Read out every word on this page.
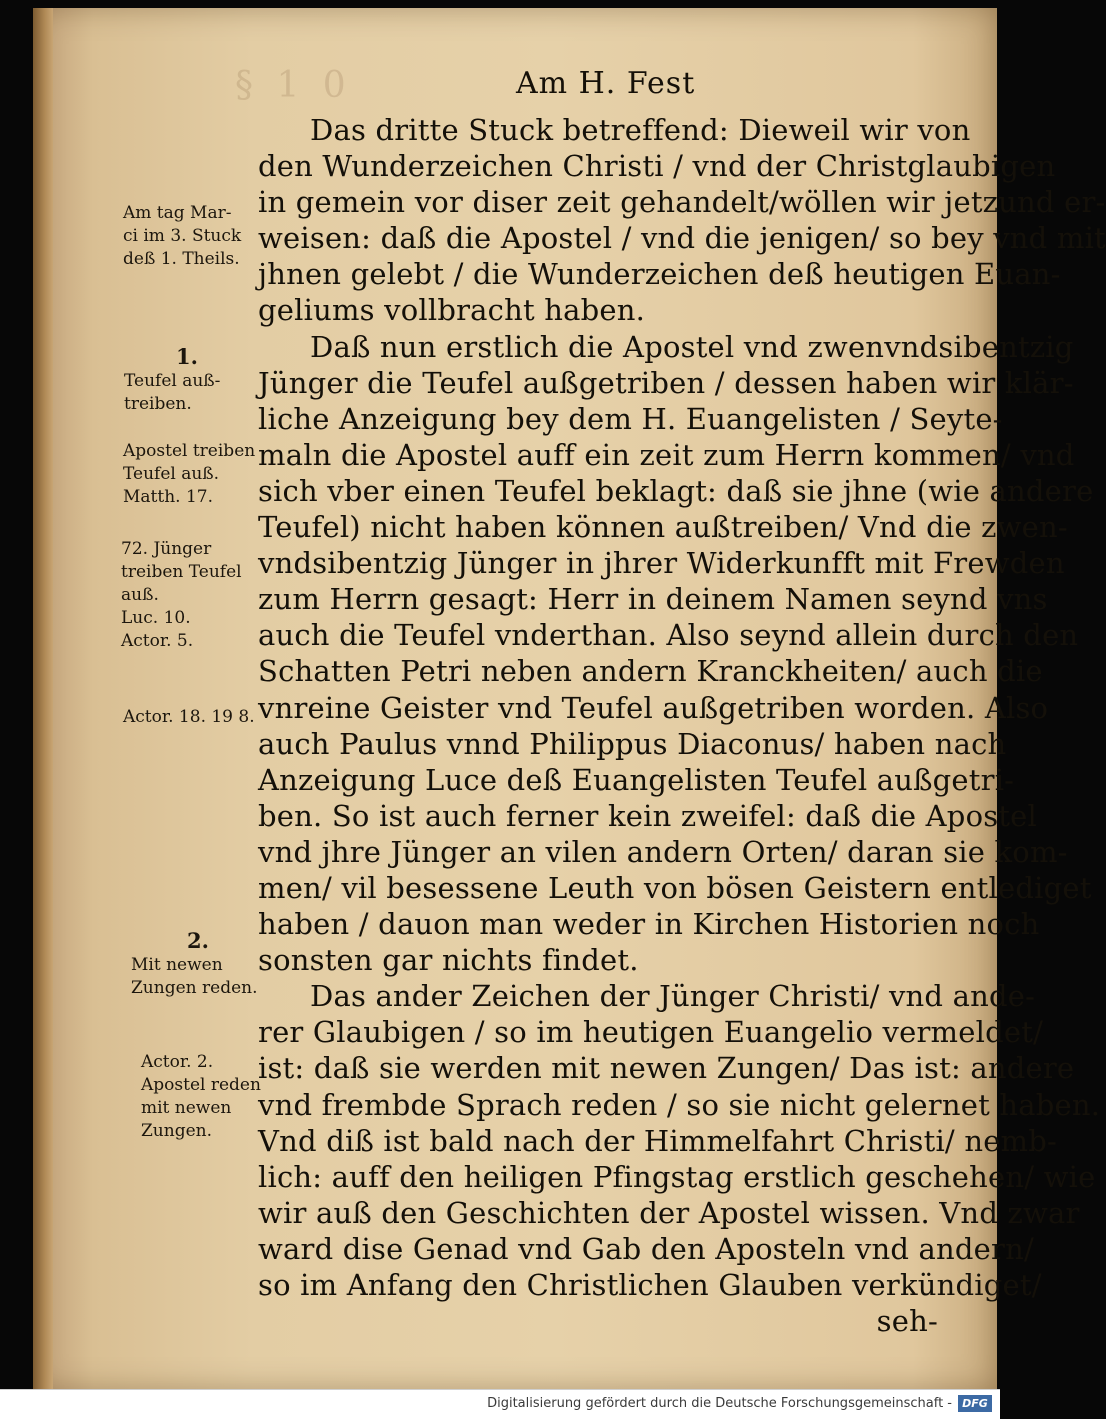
§ 1 0	Am H. Fest
Das dritte Stuck betreffend: Dieweil wir von
den Wunderzeichen Christi / vnd der Christglaubigen
in gemein vor diser zeit gehandelt/wöllen wir jetzund er-
weisen: daß die Apostel / vnd die jenigen/ so bey vnd mit
jhnen gelebt / die Wunderzeichen deß heutigen Euan-
geliums vollbracht haben.
Daß nun erstlich die Apostel vnd zwenvndsibentzig
Jünger die Teufel außgetriben / dessen haben wir klär-
liche Anzeigung bey dem H. Euangelisten / Seyte-
maln die Apostel auff ein zeit zum Herrn kommen/ vnd
sich vber einen Teufel beklagt: daß sie jhne (wie andere
Teufel) nicht haben können außtreiben/ Vnd die zwen-
vndsibentzig Jünger in jhrer Widerkunfft mit Frewden
zum Herrn gesagt: Herr in deinem Namen seynd vns
auch die Teufel vnderthan. Also seynd allein durch den
Schatten Petri neben andern Kranckheiten/ auch die
vnreine Geister vnd Teufel außgetriben worden. Also
auch Paulus vnnd Philippus Diaconus/ haben nach
Anzeigung Luce deß Euangelisten Teufel außgetri-
ben. So ist auch ferner kein zweifel: daß die Apostel
vnd jhre Jünger an vilen andern Orten/ daran sie kom-
men/ vil besessene Leuth von bösen Geistern entlediget
haben / dauon man weder in Kirchen Historien noch
sonsten gar nichts findet.
Das ander Zeichen der Jünger Christi/ vnd ande-
rer Glaubigen / so im heutigen Euangelio vermeldet/
ist: daß sie werden mit newen Zungen/ Das ist: andere
vnd frembde Sprach reden / so sie nicht gelernet haben.
Vnd diß ist bald nach der Himmelfahrt Christi/ nemb-
lich: auff den heiligen Pfingstag erstlich geschehen/ wie
wir auß den Geschichten der Apostel wissen. Vnd zwar
ward dise Genad vnd Gab den Aposteln vnd andern/
so im Anfang den Christlichen Glauben verkündiget/
seh-
Am tag Mar-
ci im 3. Stuck
deß 1. Theils.
1.
Teufel auß-
treiben.
Apostel treiben
Teufel auß.
Matth. 17.
72. Jünger
treiben Teufel
auß.
Luc. 10.
Actor. 5.
Actor. 18. 19 8.
2.
Mit newen
Zungen reden.
Actor. 2.
Apostel reden
mit newen
Zungen.
Digitalisierung gefördert durch die Deutsche Forschungsgemeinschaft - DFG
